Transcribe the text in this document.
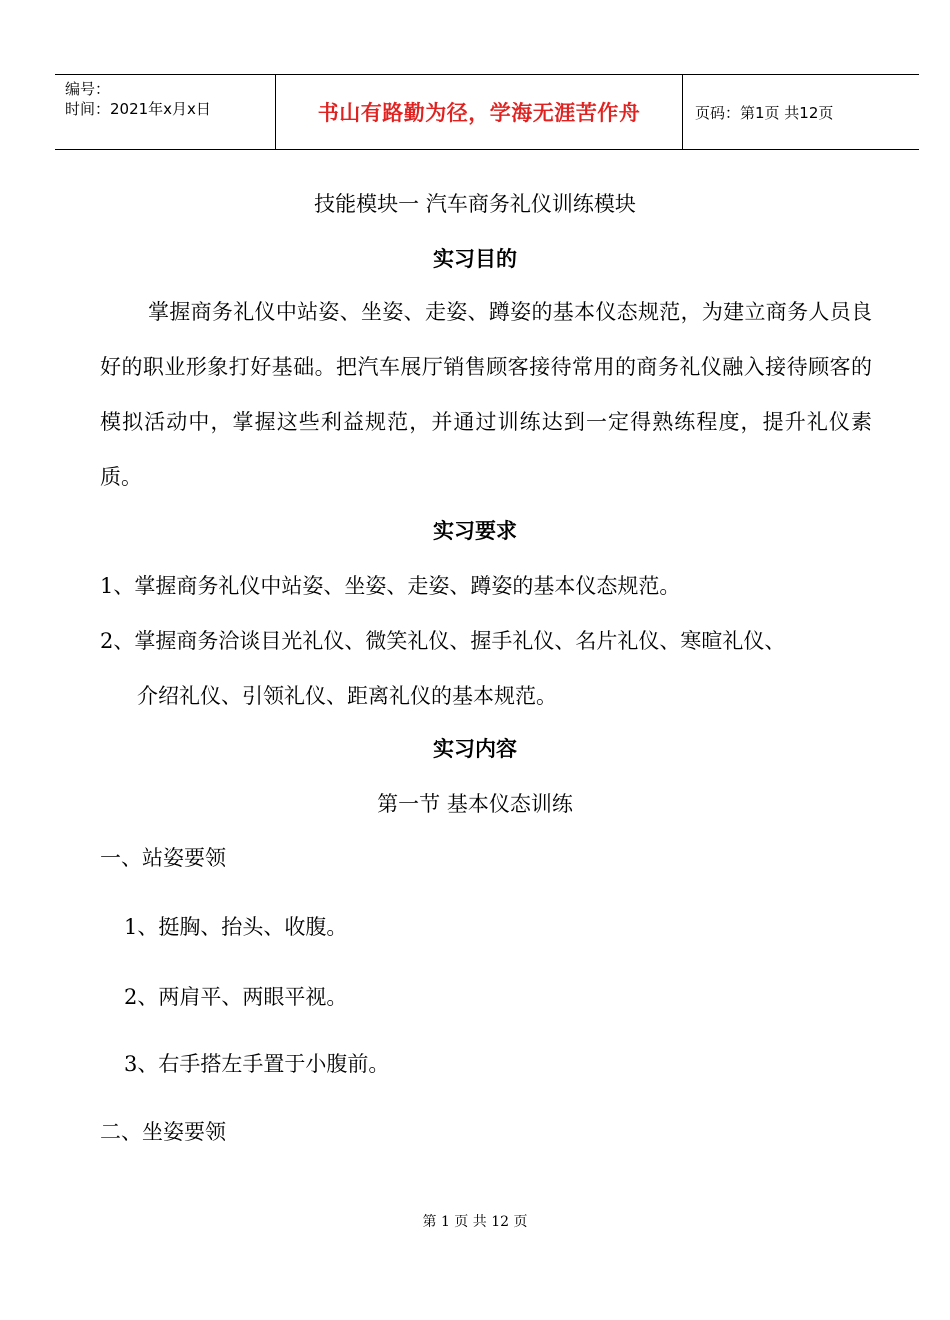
编号：
时间：2021年x月x日	书山有路勤为径，学海无涯苦作舟	页码：第1页 共12页
技能模块一 汽车商务礼仪训练模块
实习目的
掌握商务礼仪中站姿、坐姿、走姿、蹲姿的基本仪态规范，为建立商务人员良好的职业形象打好基础。把汽车展厅销售顾客接待常用的商务礼仪融入接待顾客的模拟活动中，掌握这些利益规范，并通过训练达到一定得熟练程度，提升礼仪素质。
实习要求
1、掌握商务礼仪中站姿、坐姿、走姿、蹲姿的基本仪态规范。
2、掌握商务洽谈目光礼仪、微笑礼仪、握手礼仪、名片礼仪、寒暄礼仪、
介绍礼仪、引领礼仪、距离礼仪的基本规范。
实习内容
第一节 基本仪态训练
一、站姿要领
1、挺胸、抬头、收腹。
2、两肩平、两眼平视。
3、右手搭左手置于小腹前。
二、坐姿要领
第 1 页 共 12 页
